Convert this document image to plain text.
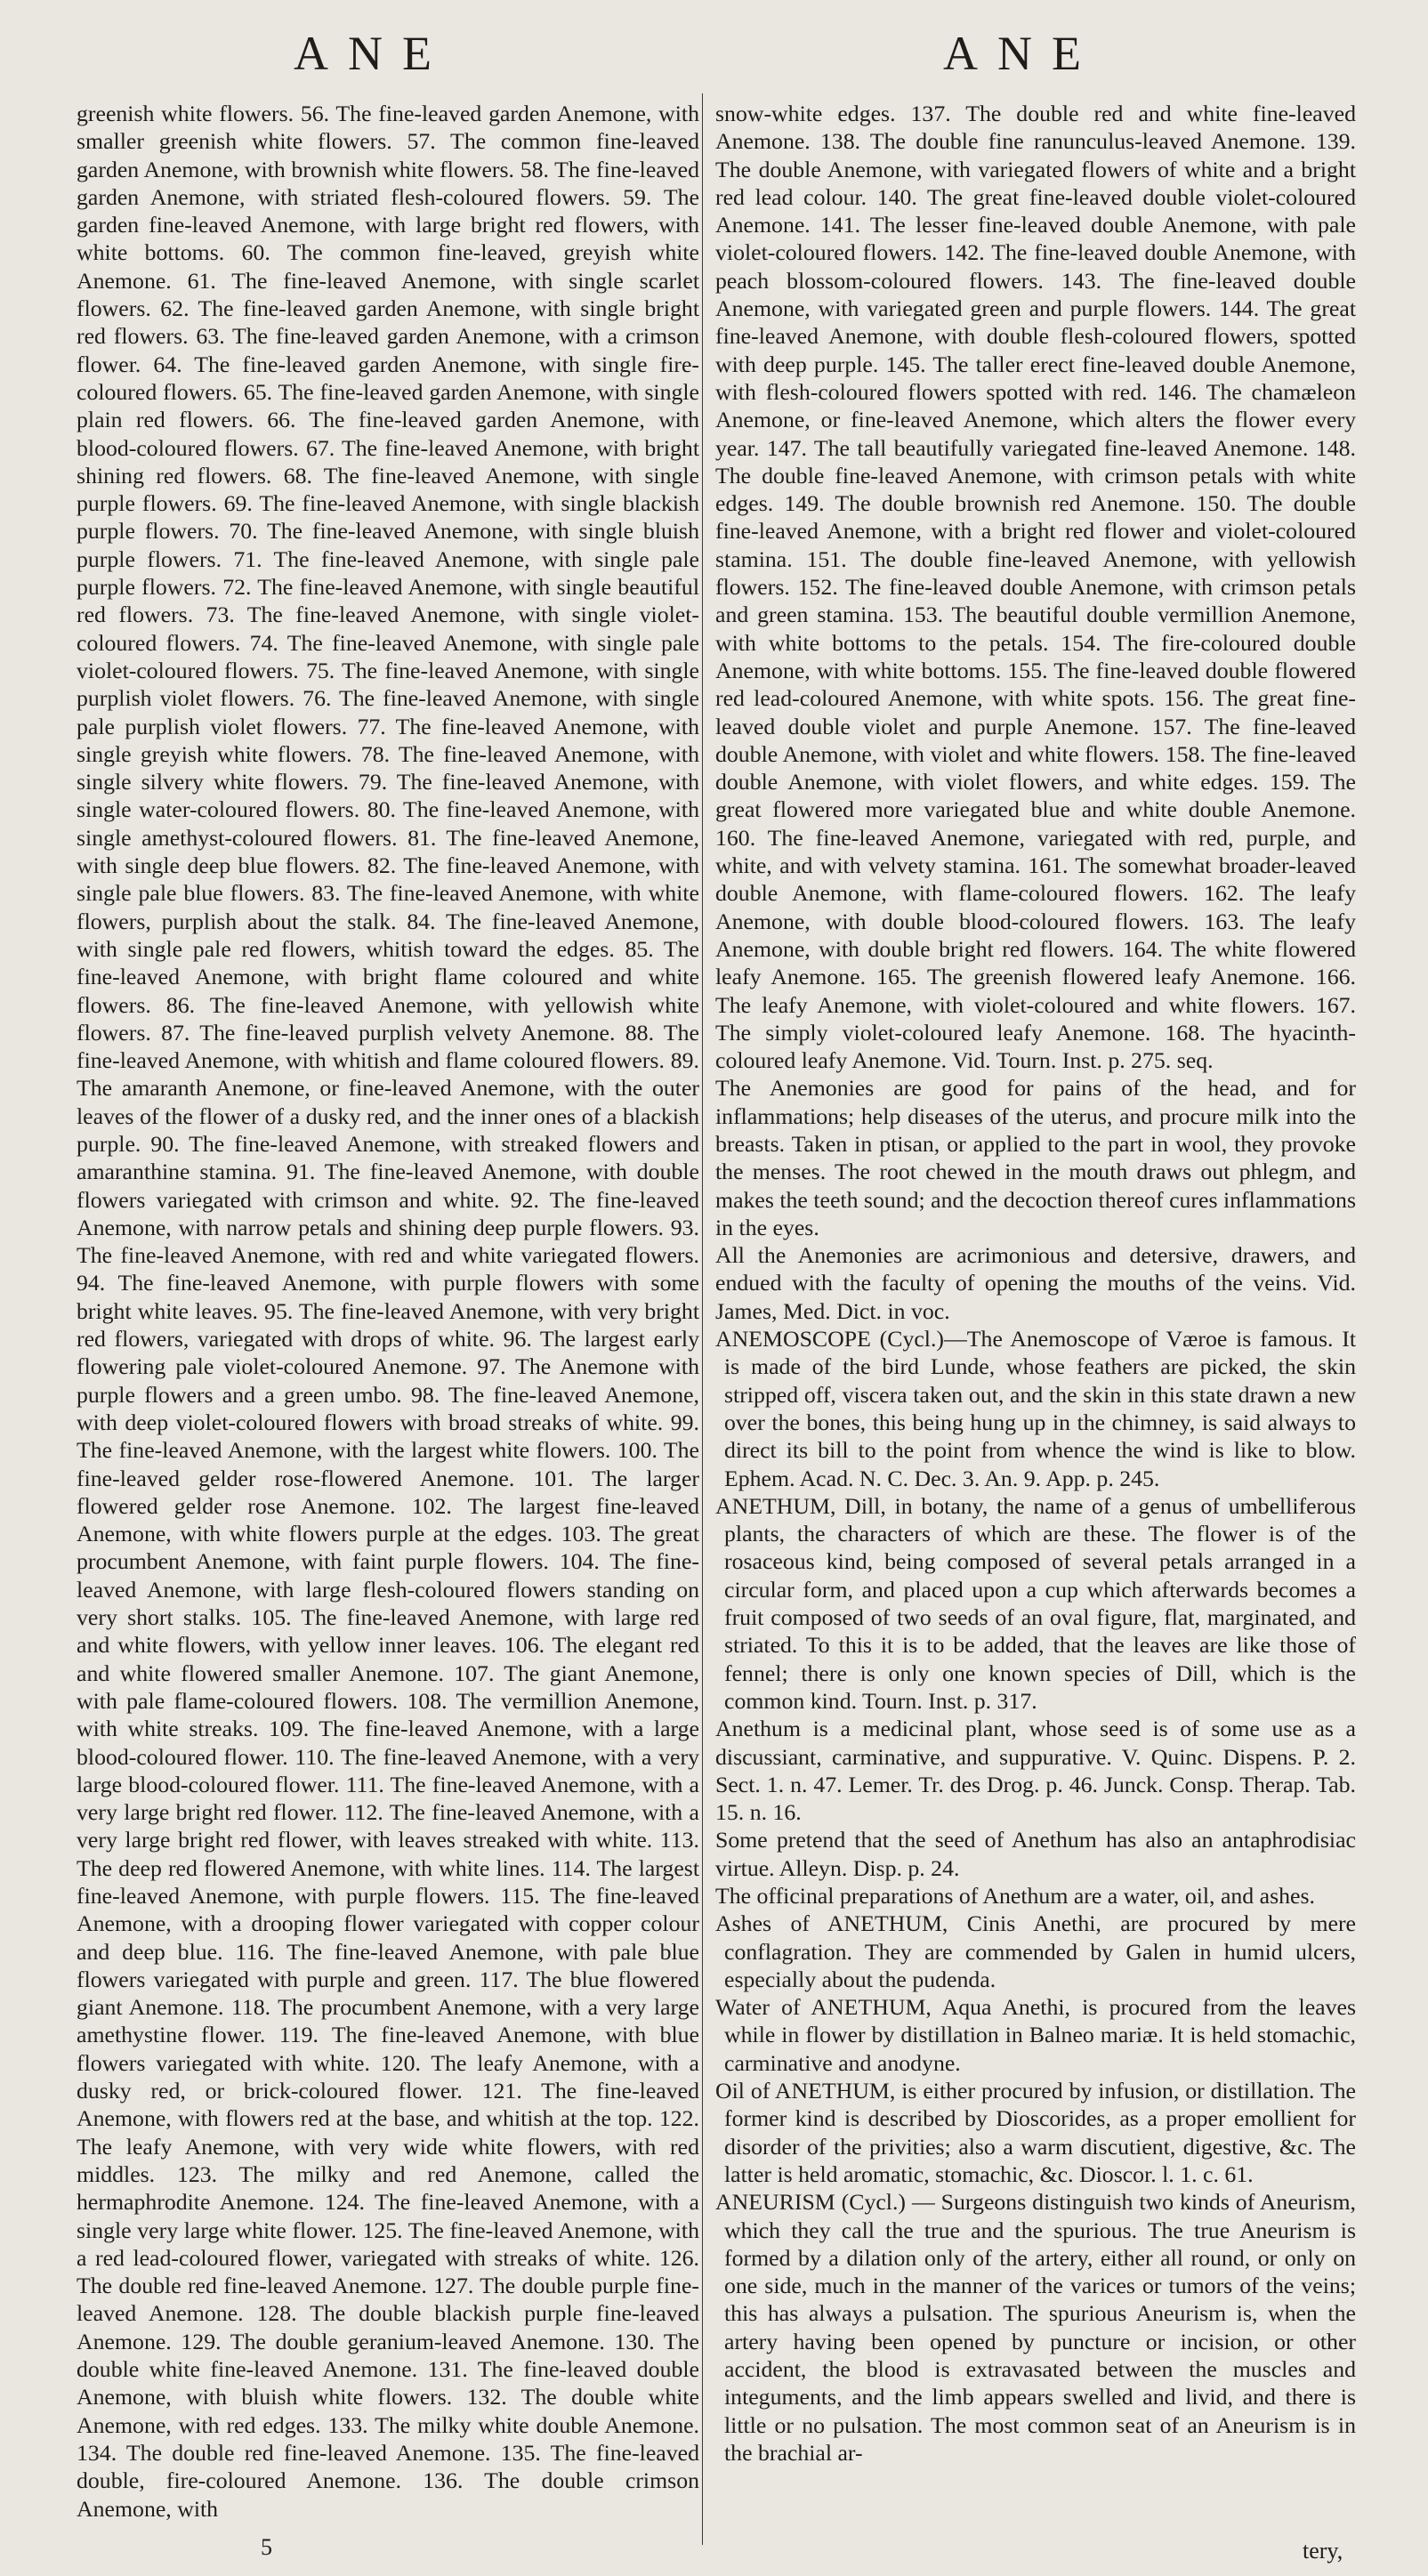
ANE	ANE

greenish white flowers. 56. The fine-leaved garden Anemone, with smaller greenish white flowers. 57. The common fine-leaved garden Anemone, with brownish white flowers. 58. The fine-leaved garden Anemone, with striated flesh-coloured flowers. 59. The garden fine-leaved Anemone, with large bright red flowers, with white bottoms. 60. The common fine-leaved, greyish white Anemone. 61. The fine-leaved Anemone, with single scarlet flowers. 62. The fine-leaved garden Anemone, with single bright red flowers. 63. The fine-leaved garden Anemone, with a crimson flower. 64. The fine-leaved garden Anemone, with single fire-coloured flowers. 65. The fine-leaved garden Anemone, with single plain red flowers. 66. The fine-leaved garden Anemone, with blood-coloured flowers. 67. The fine-leaved Anemone, with bright shining red flowers. 68. The fine-leaved Anemone, with single purple flowers. 69. The fine-leaved Anemone, with single blackish purple flowers. 70. The fine-leaved Anemone, with single bluish purple flowers. 71. The fine-leaved Anemone, with single pale purple flowers. 72. The fine-leaved Anemone, with single beautiful red flowers. 73. The fine-leaved Anemone, with single violet-coloured flowers. 74. The fine-leaved Anemone, with single pale violet-coloured flowers. 75. The fine-leaved Anemone, with single purplish violet flowers. 76. The fine-leaved Anemone, with single pale purplish violet flowers. 77. The fine-leaved Anemone, with single greyish white flowers. 78. The fine-leaved Anemone, with single silvery white flowers. 79. The fine-leaved Anemone, with single water-coloured flowers. 80. The fine-leaved Anemone, with single amethyst-coloured flowers. 81. The fine-leaved Anemone, with single deep blue flowers. 82. The fine-leaved Anemone, with single pale blue flowers. 83. The fine-leaved Anemone, with white flowers, purplish about the stalk. 84. The fine-leaved Anemone, with single pale red flowers, whitish toward the edges. 85. The fine-leaved Anemone, with bright flame coloured and white flowers. 86. The fine-leaved Anemone, with yellowish white flowers. 87. The fine-leaved purplish velvety Anemone. 88. The fine-leaved Anemone, with whitish and flame coloured flowers. 89. The amaranth Anemone, or fine-leaved Anemone, with the outer leaves of the flower of a dusky red, and the inner ones of a blackish purple. 90. The fine-leaved Anemone, with streaked flowers and amaranthine stamina. 91. The fine-leaved Anemone, with double flowers variegated with crimson and white. 92. The fine-leaved Anemone, with narrow petals and shining deep purple flowers. 93. The fine-leaved Anemone, with red and white variegated flowers. 94. The fine-leaved Anemone, with purple flowers with some bright white leaves. 95. The fine-leaved Anemone, with very bright red flowers, variegated with drops of white. 96. The largest early flowering pale violet-coloured Anemone. 97. The Anemone with purple flowers and a green umbo. 98. The fine-leaved Anemone, with deep violet-coloured flowers with broad streaks of white. 99. The fine-leaved Anemone, with the largest white flowers. 100. The fine-leaved gelder rose-flowered Anemone. 101. The larger flowered gelder rose Anemone. 102. The largest fine-leaved Anemone, with white flowers purple at the edges. 103. The great procumbent Anemone, with faint purple flowers. 104. The fine-leaved Anemone, with large flesh-coloured flowers standing on very short stalks. 105. The fine-leaved Anemone, with large red and white flowers, with yellow inner leaves. 106. The elegant red and white flowered smaller Anemone. 107. The giant Anemone, with pale flame-coloured flowers. 108. The vermillion Anemone, with white streaks. 109. The fine-leaved Anemone, with a large blood-coloured flower. 110. The fine-leaved Anemone, with a very large blood-coloured flower. 111. The fine-leaved Anemone, with a very large bright red flower. 112. The fine-leaved Anemone, with a very large bright red flower, with leaves streaked with white. 113. The deep red flowered Anemone, with white lines. 114. The largest fine-leaved Anemone, with purple flowers. 115. The fine-leaved Anemone, with a drooping flower variegated with copper colour and deep blue. 116. The fine-leaved Anemone, with pale blue flowers variegated with purple and green. 117. The blue flowered giant Anemone. 118. The procumbent Anemone, with a very large amethystine flower. 119. The fine-leaved Anemone, with blue flowers variegated with white. 120. The leafy Anemone, with a dusky red, or brick-coloured flower. 121. The fine-leaved Anemone, with flowers red at the base, and whitish at the top. 122. The leafy Anemone, with very wide white flowers, with red middles. 123. The milky and red Anemone, called the hermaphrodite Anemone. 124. The fine-leaved Anemone, with a single very large white flower. 125. The fine-leaved Anemone, with a red lead-coloured flower, variegated with streaks of white. 126. The double red fine-leaved Anemone. 127. The double purple fine-leaved Anemone. 128. The double blackish purple fine-leaved Anemone. 129. The double geranium-leaved Anemone. 130. The double white fine-leaved Anemone. 131. The fine-leaved double Anemone, with bluish white flowers. 132. The double white Anemone, with red edges. 133. The milky white double Anemone. 134. The double red fine-leaved Anemone. 135. The fine-leaved double, fire-coloured Anemone. 136. The double crimson Anemone, with

snow-white edges. 137. The double red and white fine-leaved Anemone. 138. The double fine ranunculus-leaved Anemone. 139. The double Anemone, with variegated flowers of white and a bright red lead colour. 140. The great fine-leaved double violet-coloured Anemone. 141. The lesser fine-leaved double Anemone, with pale violet-coloured flowers. 142. The fine-leaved double Anemone, with peach blossom-coloured flowers. 143. The fine-leaved double Anemone, with variegated green and purple flowers. 144. The great fine-leaved Anemone, with double flesh-coloured flowers, spotted with deep purple. 145. The taller erect fine-leaved double Anemone, with flesh-coloured flowers spotted with red. 146. The chamæleon Anemone, or fine-leaved Anemone, which alters the flower every year. 147. The tall beautifully variegated fine-leaved Anemone. 148. The double fine-leaved Anemone, with crimson petals with white edges. 149. The double brownish red Anemone. 150. The double fine-leaved Anemone, with a bright red flower and violet-coloured stamina. 151. The double fine-leaved Anemone, with yellowish flowers. 152. The fine-leaved double Anemone, with crimson petals and green stamina. 153. The beautiful double vermillion Anemone, with white bottoms to the petals. 154. The fire-coloured double Anemone, with white bottoms. 155. The fine-leaved double flowered red lead-coloured Anemone, with white spots. 156. The great fine-leaved double violet and purple Anemone. 157. The fine-leaved double Anemone, with violet and white flowers. 158. The fine-leaved double Anemone, with violet flowers, and white edges. 159. The great flowered more variegated blue and white double Anemone. 160. The fine-leaved Anemone, variegated with red, purple, and white, and with velvety stamina. 161. The somewhat broader-leaved double Anemone, with flame-coloured flowers. 162. The leafy Anemone, with double blood-coloured flowers. 163. The leafy Anemone, with double bright red flowers. 164. The white flowered leafy Anemone. 165. The greenish flowered leafy Anemone. 166. The leafy Anemone, with violet-coloured and white flowers. 167. The simply violet-coloured leafy Anemone. 168. The hyacinth-coloured leafy Anemone. Vid. Tourn. Inst. p. 275. seq.

The Anemonies are good for pains of the head, and for inflammations; help diseases of the uterus, and procure milk into the breasts. Taken in ptisan, or applied to the part in wool, they provoke the menses. The root chewed in the mouth draws out phlegm, and makes the teeth sound; and the decoction thereof cures inflammations in the eyes.

All the Anemonies are acrimonious and detersive, drawers, and endued with the faculty of opening the mouths of the veins. Vid. James, Med. Dict. in voc.

ANEMOSCOPE (Cycl.)—The Anemoscope of Væroe is famous. It is made of the bird Lunde, whose feathers are picked, the skin stripped off, viscera taken out, and the skin in this state drawn a new over the bones, this being hung up in the chimney, is said always to direct its bill to the point from whence the wind is like to blow. Ephem. Acad. N. C. Dec. 3. An. 9. App. p. 245.

ANETHUM, Dill, in botany, the name of a genus of umbelliferous plants, the characters of which are these. The flower is of the rosaceous kind, being composed of several petals arranged in a circular form, and placed upon a cup which afterwards becomes a fruit composed of two seeds of an oval figure, flat, marginated, and striated. To this it is to be added, that the leaves are like those of fennel; there is only one known species of Dill, which is the common kind. Tourn. Inst. p. 317.

Anethum is a medicinal plant, whose seed is of some use as a discussiant, carminative, and suppurative. V. Quinc. Dispens. P. 2. Sect. 1. n. 47. Lemer. Tr. des Drog. p. 46. Junck. Consp. Therap. Tab. 15. n. 16.

Some pretend that the seed of Anethum has also an antaphrodisiac virtue. Alleyn. Disp. p. 24.

The officinal preparations of Anethum are a water, oil, and ashes.

Ashes of ANETHUM, Cinis Anethi, are procured by mere conflagration. They are commended by Galen in humid ulcers, especially about the pudenda.

Water of ANETHUM, Aqua Anethi, is procured from the leaves while in flower by distillation in Balneo mariæ. It is held stomachic, carminative and anodyne.

Oil of ANETHUM, is either procured by infusion, or distillation. The former kind is described by Dioscorides, as a proper emollient for disorder of the privities; also a warm discutient, digestive, &c. The latter is held aromatic, stomachic, &c. Dioscor. l. 1. c. 61.

ANEURISM (Cycl.) — Surgeons distinguish two kinds of Aneurism, which they call the true and the spurious. The true Aneurism is formed by a dilation only of the artery, either all round, or only on one side, much in the manner of the varices or tumors of the veins; this has always a pulsation. The spurious Aneurism is, when the artery having been opened by puncture or incision, or other accident, the blood is extravasated between the muscles and integuments, and the limb appears swelled and livid, and there is little or no pulsation. The most common seat of an Aneurism is in the brachial ar-

5	tery,
